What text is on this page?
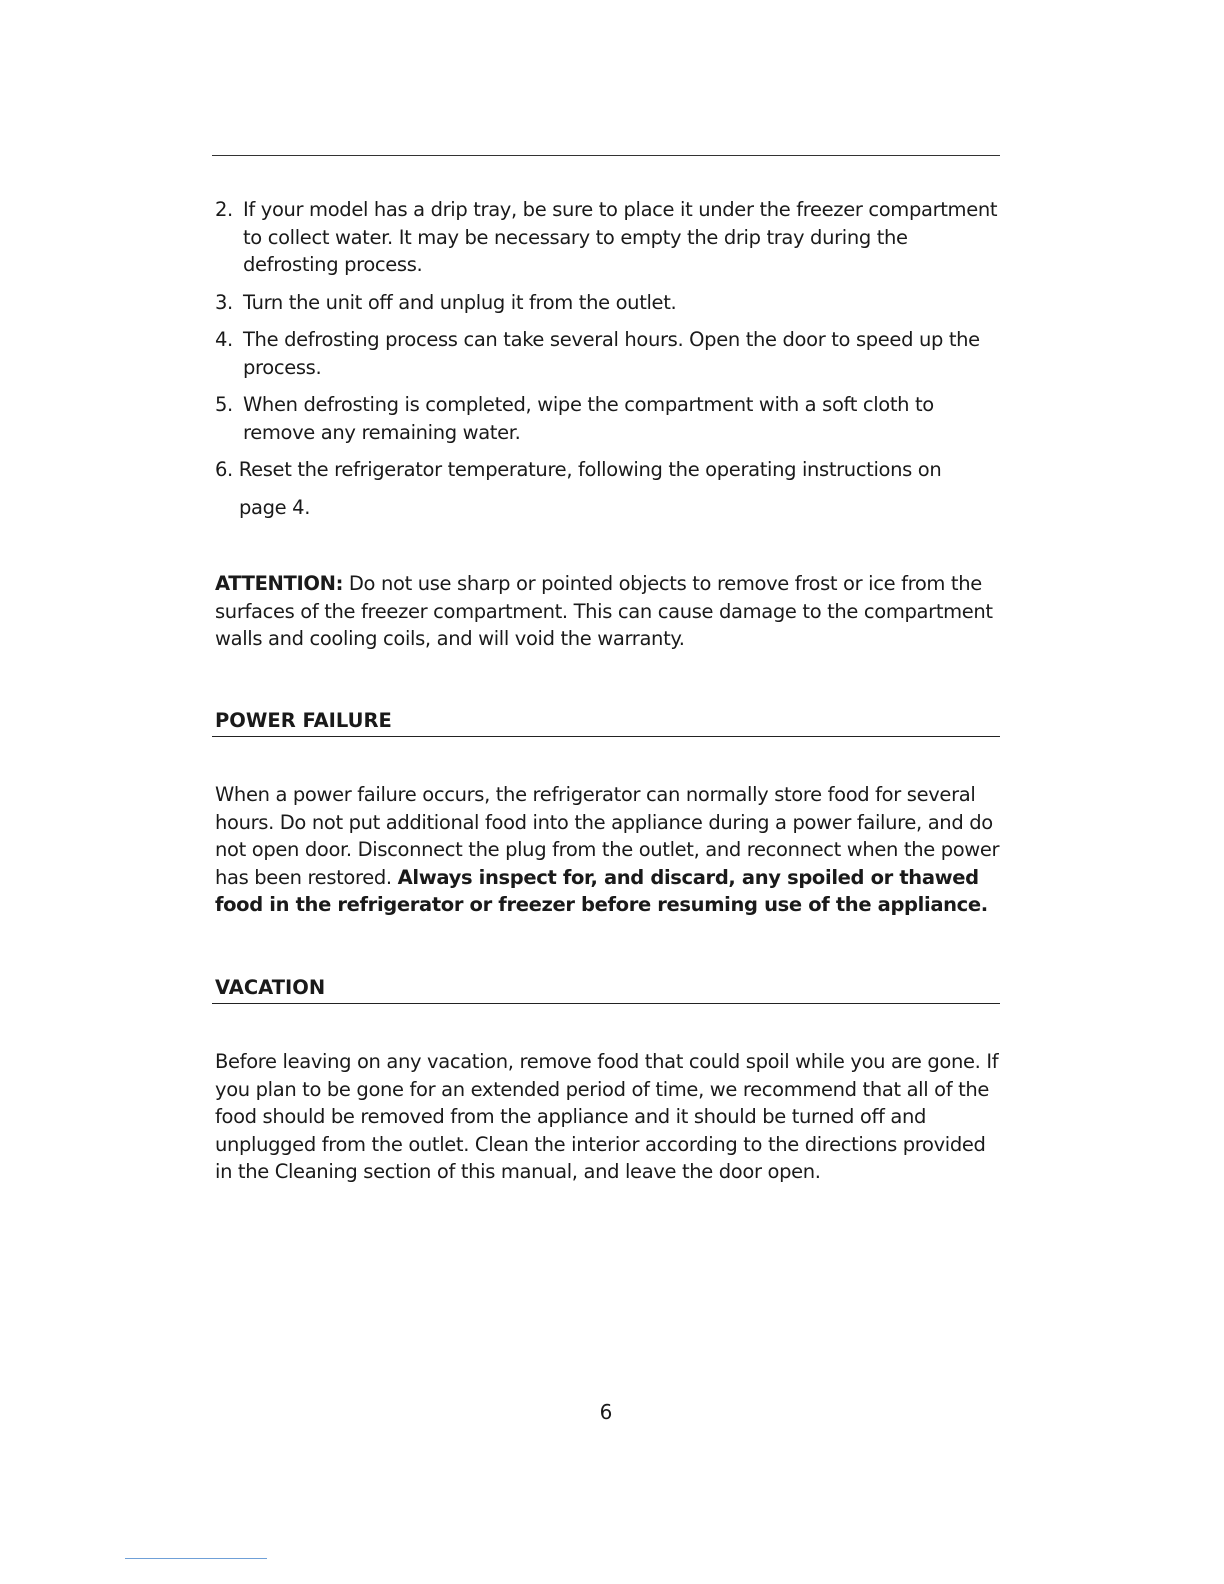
2. If your model has a drip tray, be sure to place it under the freezer compartment to collect water. It may be necessary to empty the drip tray during the defrosting process.
3. Turn the unit off and unplug it from the outlet.
4. The defrosting process can take several hours. Open the door to speed up the process.
5. When defrosting is completed, wipe the compartment with a soft cloth to remove any remaining water.
6. Reset the refrigerator temperature, following the operating instructions on
page 4.

ATTENTION: Do not use sharp or pointed objects to remove frost or ice from the surfaces of the freezer compartment. This can cause damage to the compartment walls and cooling coils, and will void the warranty.

POWER FAILURE

When a power failure occurs, the refrigerator can normally store food for several hours. Do not put additional food into the appliance during a power failure, and do not open door. Disconnect the plug from the outlet, and reconnect when the power has been restored. Always inspect for, and discard, any spoiled or thawed food in the refrigerator or freezer before resuming use of the appliance.

VACATION

Before leaving on any vacation, remove food that could spoil while you are gone. If you plan to be gone for an extended period of time, we recommend that all of the food should be removed from the appliance and it should be turned off and unplugged from the outlet. Clean the interior according to the directions provided in the Cleaning section of this manual, and leave the door open.

6
